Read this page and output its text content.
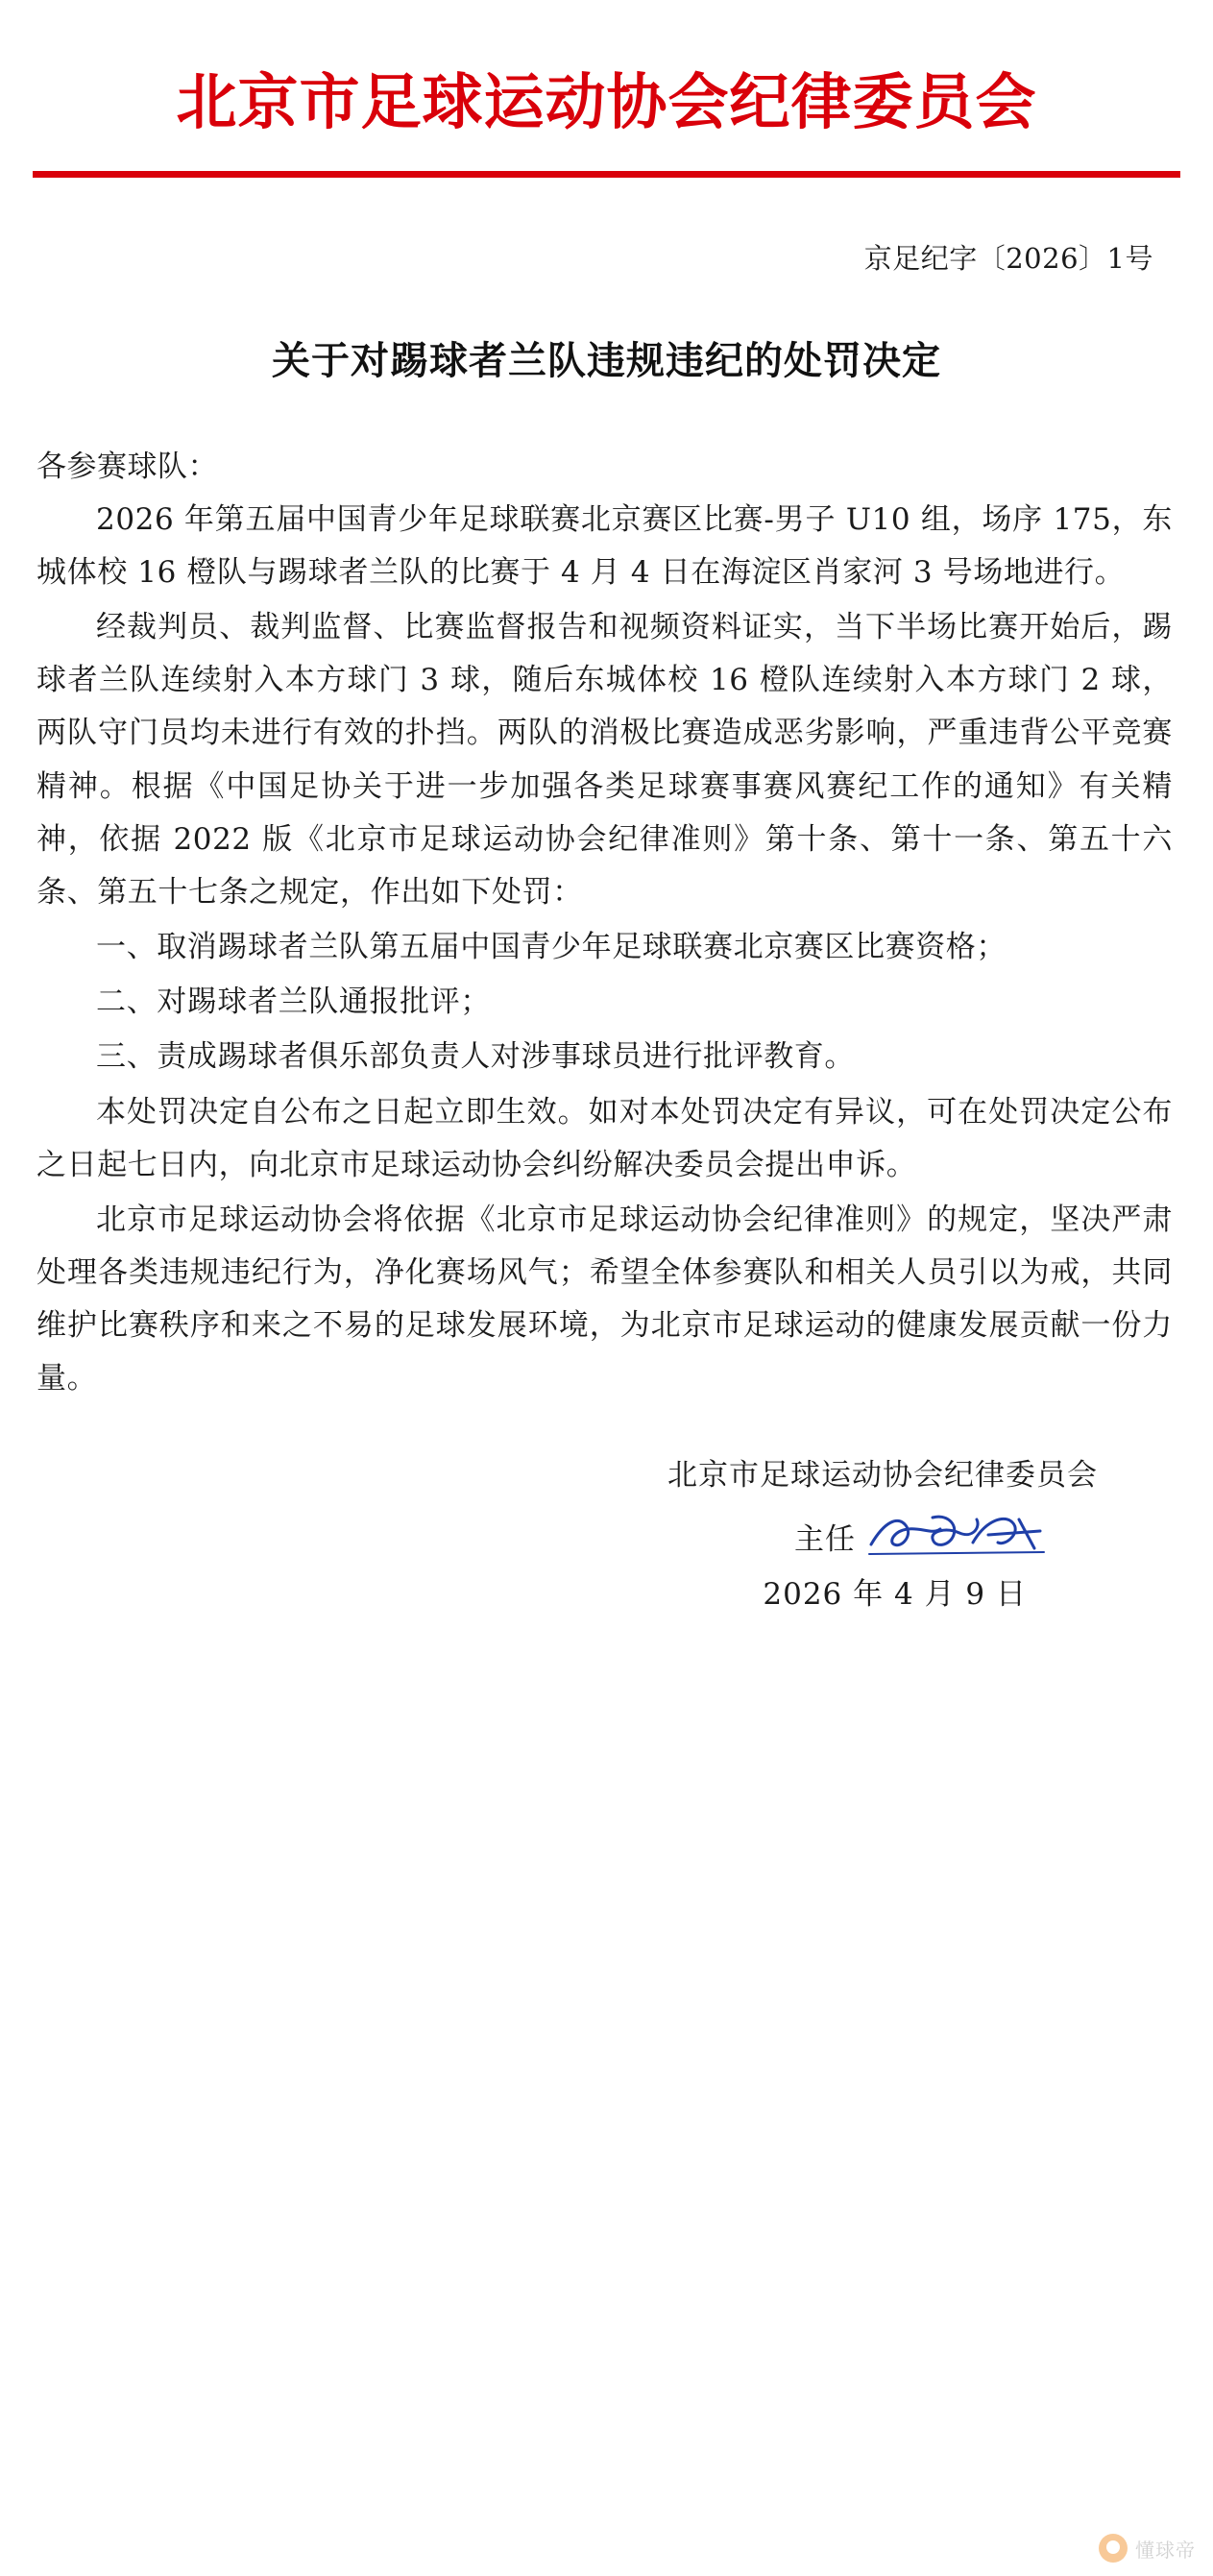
北京市足球运动协会纪律委员会
京足纪字〔2026〕1号
关于对踢球者兰队违规违纪的处罚决定
各参赛球队：

2026 年第五届中国青少年足球联赛北京赛区比赛-男子 U10 组，场序 175，东城体校 16 橙队与踢球者兰队的比赛于 4 月 4 日在海淀区肖家河 3 号场地进行。

经裁判员、裁判监督、比赛监督报告和视频资料证实，当下半场比赛开始后，踢球者兰队连续射入本方球门 3 球，随后东城体校 16 橙队连续射入本方球门 2 球，两队守门员均未进行有效的扑挡。两队的消极比赛造成恶劣影响，严重违背公平竞赛精神。根据《中国足协关于进一步加强各类足球赛事赛风赛纪工作的通知》有关精神，依据 2022 版《北京市足球运动协会纪律准则》第十条、第十一条、第五十六条、第五十七条之规定，作出如下处罚：

一、取消踢球者兰队第五届中国青少年足球联赛北京赛区比赛资格；

二、对踢球者兰队通报批评；

三、责成踢球者俱乐部负责人对涉事球员进行批评教育。

本处罚决定自公布之日起立即生效。如对本处罚决定有异议，可在处罚决定公布之日起七日内，向北京市足球运动协会纠纷解决委员会提出申诉。

北京市足球运动协会将依据《北京市足球运动协会纪律准则》的规定，坚决严肃处理各类违规违纪行为，净化赛场风气；希望全体参赛队和相关人员引以为戒，共同维护比赛秩序和来之不易的足球发展环境，为北京市足球运动的健康发展贡献一份力量。

北京市足球运动协会纪律委员会
主任
2026 年 4 月 9 日
懂球帝
